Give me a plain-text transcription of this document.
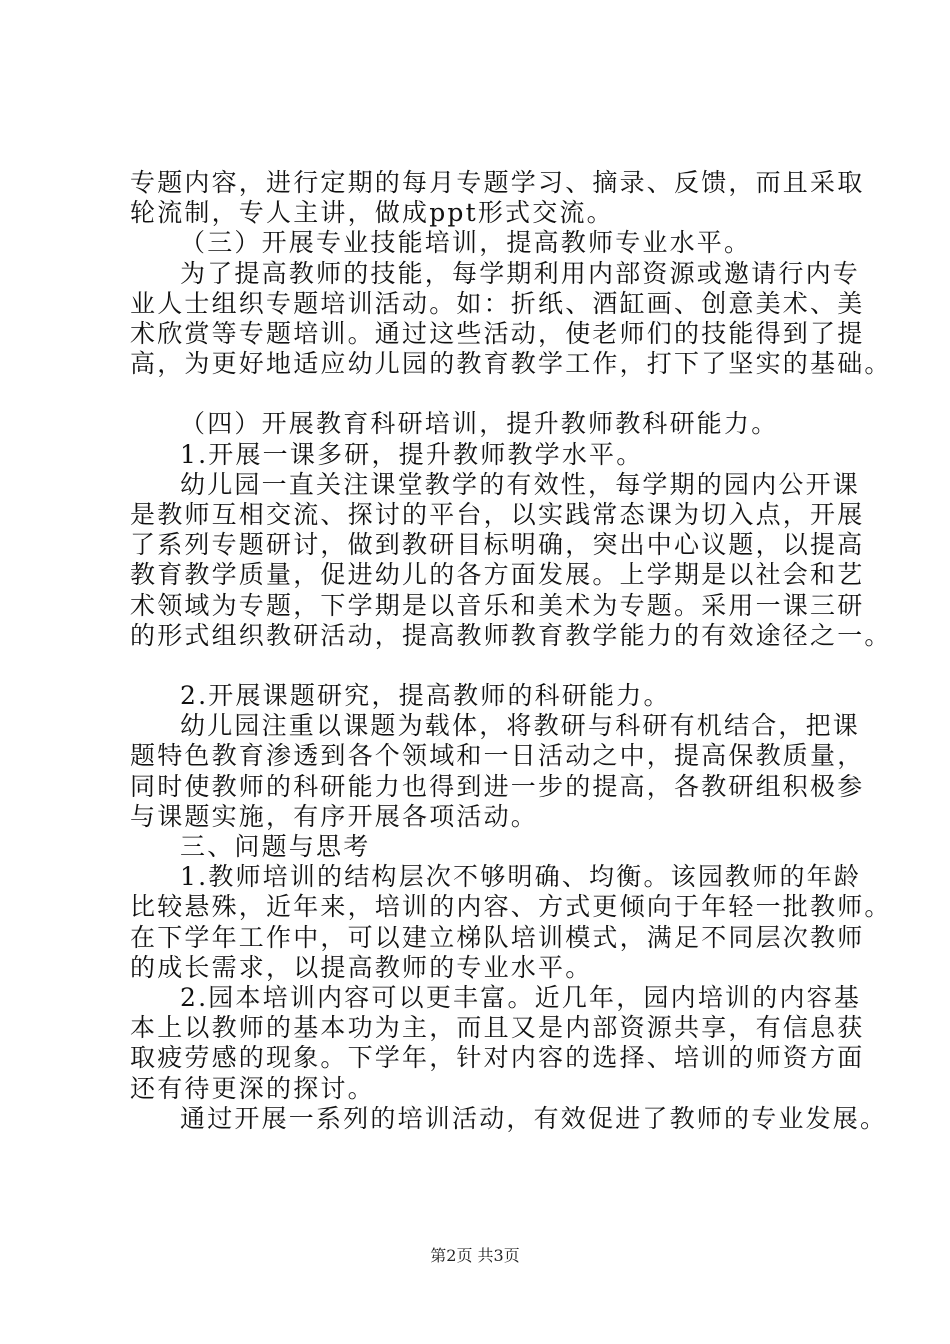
专题内容，进行定期的每月专题学习、摘录、反馈，而且采取
轮流制，专人主讲，做成ppt形式交流。
（三）开展专业技能培训，提高教师专业水平。
为了提高教师的技能，每学期利用内部资源或邀请行内专
业人士组织专题培训活动。如：折纸、酒缸画、创意美术、美
术欣赏等专题培训。通过这些活动，使老师们的技能得到了提
高，为更好地适应幼儿园的教育教学工作，打下了坚实的基础。
（四）开展教育科研培训，提升教师教科研能力。
1.开展一课多研，提升教师教学水平。
幼儿园一直关注课堂教学的有效性，每学期的园内公开课
是教师互相交流、探讨的平台，以实践常态课为切入点，开展
了系列专题研讨，做到教研目标明确，突出中心议题，以提高
教育教学质量，促进幼儿的各方面发展。上学期是以社会和艺
术领域为专题，下学期是以音乐和美术为专题。采用一课三研
的形式组织教研活动，提高教师教育教学能力的有效途径之一。
2.开展课题研究，提高教师的科研能力。
幼儿园注重以课题为载体，将教研与科研有机结合，把课
题特色教育渗透到各个领域和一日活动之中，提高保教质量，
同时使教师的科研能力也得到进一步的提高，各教研组积极参
与课题实施，有序开展各项活动。
三、问题与思考
1.教师培训的结构层次不够明确、均衡。该园教师的年龄
比较悬殊，近年来，培训的内容、方式更倾向于年轻一批教师。
在下学年工作中，可以建立梯队培训模式，满足不同层次教师
的成长需求，以提高教师的专业水平。
2.园本培训内容可以更丰富。近几年，园内培训的内容基
本上以教师的基本功为主，而且又是内部资源共享，有信息获
取疲劳感的现象。下学年，针对内容的选择、培训的师资方面
还有待更深的探讨。
通过开展一系列的培训活动，有效促进了教师的专业发展。
第2页 共3页
